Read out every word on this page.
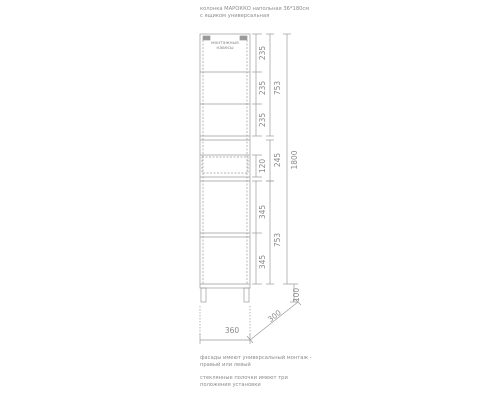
колонка МАРОККО напольная 36*180см
с ящиком универсальная

монтажные
навесы	235
235
235
753
1800
120 245
345
753
345
100
360
300

фасады имеют универсальный монтаж -
правый или левый

стеклянные полочки имеют три
положения установки
